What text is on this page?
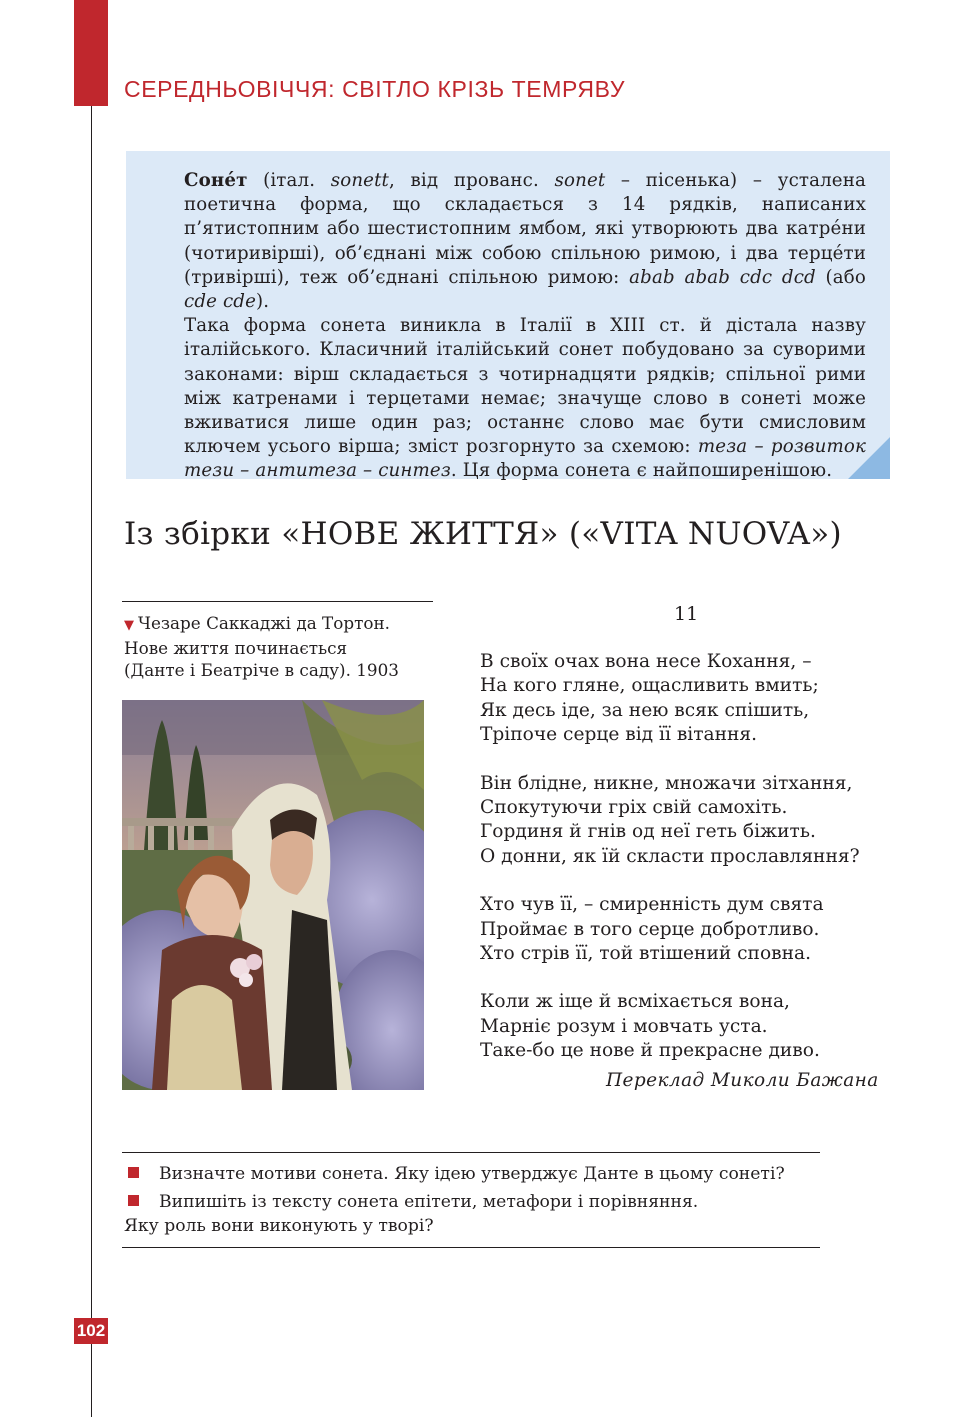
СЕРЕДНЬОВІЧЧЯ: СВІТЛО КРІЗЬ ТЕМРЯВУ

Соне́т (італ. sonett, від прованс. sonet – пісенька) – усталена поетична форма, що складається з 14 рядків, написаних п’ятистопним або шестистопним ямбом, які утворюють два катре́ни (чотиривірші), об’єднані між собою спільною римою, і два терце́ти (тривірші), теж об’єднані спільною римою: abab abab cdc dcd (або cde cde).

Така форма сонета виникла в Італії в XIII ст. й дістала назву італійського. Класичний італійський сонет побудовано за суворими законами: вірш складається з чотирнадцяти рядків; спільної рими між катренами і терцетами немає; значуще слово в сонеті може вживатися лише один раз; останнє слово має бути смисловим ключем усього вірша; зміст розгорнуто за схемою: теза – розвиток тези – антитеза – синтез. Ця форма сонета є найпоширенішою.

Із збірки «НОВЕ ЖИТТЯ» («VITA NUOVA»)

▼ Чезаре Саккаджі да Тортон.
Нове життя починається
(Данте і Беатріче в саду). 1903

11

В своїх очах вона несе Кохання, –
На кого гляне, ощасливить вмить;
Як десь іде, за нею всяк спішить,
Тріпоче серце від її вітання.
Він блідне, никне, множачи зітхання,
Спокутуючи гріх свій самохіть.
Гординя й гнів од неї геть біжить.
О донни, як їй скласти прославляння?
Хто чув її, – смиренність дум свята
Проймає в того серце добротливо.
Хто стрів її, той втішений сповна.
Коли ж іще й всміхається вона,
Марніє розум і мовчать уста.
Таке-бо це нове й прекрасне диво.

Переклад Миколи Бажана

Визначте мотиви сонета. Яку ідею утверджує Данте в цьому сонеті?

Випишіть із тексту сонета епітети, метафори і порівняння.
Яку роль вони виконують у творі?

102
